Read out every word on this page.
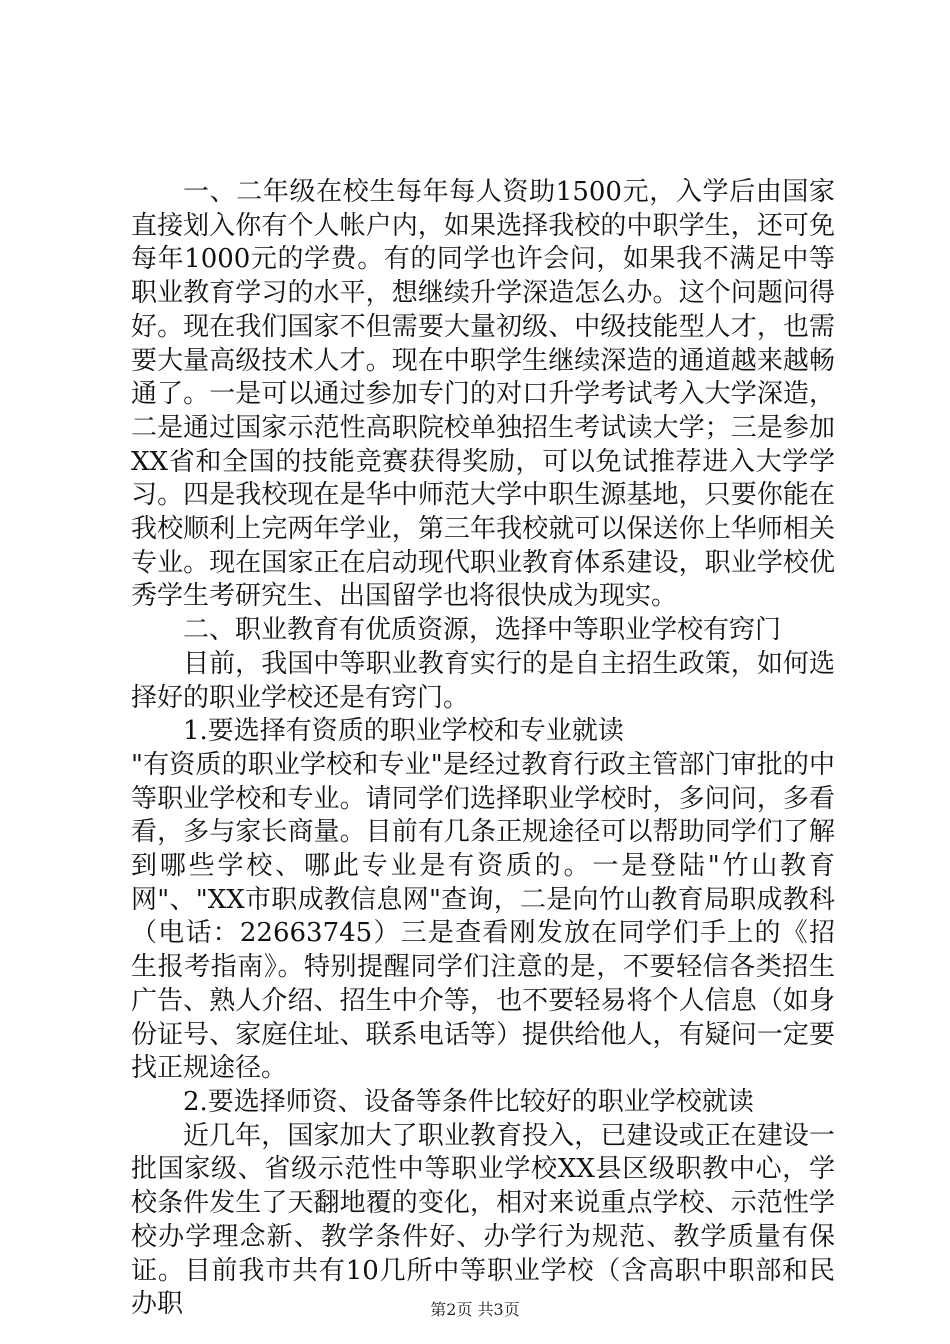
一、二年级在校生每年每人资助1500元，入学后由国家直接划入你有个人帐户内，如果选择我校的中职学生，还可免每年1000元的学费。有的同学也许会问，如果我不满足中等职业教育学习的水平，想继续升学深造怎么办。这个问题问得好。现在我们国家不但需要大量初级、中级技能型人才，也需要大量高级技术人才。现在中职学生继续深造的通道越来越畅通了。一是可以通过参加专门的对口升学考试考入大学深造，二是通过国家示范性高职院校单独招生考试读大学；三是参加XX省和全国的技能竞赛获得奖励，可以免试推荐进入大学学习。四是我校现在是华中师范大学中职生源基地，只要你能在我校顺利上完两年学业，第三年我校就可以保送你上华师相关专业。现在国家正在启动现代职业教育体系建设，职业学校优秀学生考研究生、出国留学也将很快成为现实。

二、职业教育有优质资源，选择中等职业学校有窍门

目前，我国中等职业教育实行的是自主招生政策，如何选择好的职业学校还是有窍门。

1.要选择有资质的职业学校和专业就读

"有资质的职业学校和专业"是经过教育行政主管部门审批的中等职业学校和专业。请同学们选择职业学校时，多问问，多看看，多与家长商量。目前有几条正规途径可以帮助同学们了解到哪些学校、哪此专业是有资质的。一是登陆"竹山教育网"、"XX市职成教信息网"查询，二是向竹山教育局职成教科（电话：22663745）三是查看刚发放在同学们手上的《招生报考指南》。特别提醒同学们注意的是，不要轻信各类招生广告、熟人介绍、招生中介等，也不要轻易将个人信息（如身份证号、家庭住址、联系电话等）提供给他人，有疑问一定要找正规途径。

2.要选择师资、设备等条件比较好的职业学校就读

近几年，国家加大了职业教育投入，已建设或正在建设一批国家级、省级示范性中等职业学校XX县区级职教中心，学校条件发生了天翻地覆的变化，相对来说重点学校、示范性学校办学理念新、教学条件好、办学行为规范、教学质量有保证。目前我市共有10几所中等职业学校（含高职中职部和民办职	第2页 共3页
